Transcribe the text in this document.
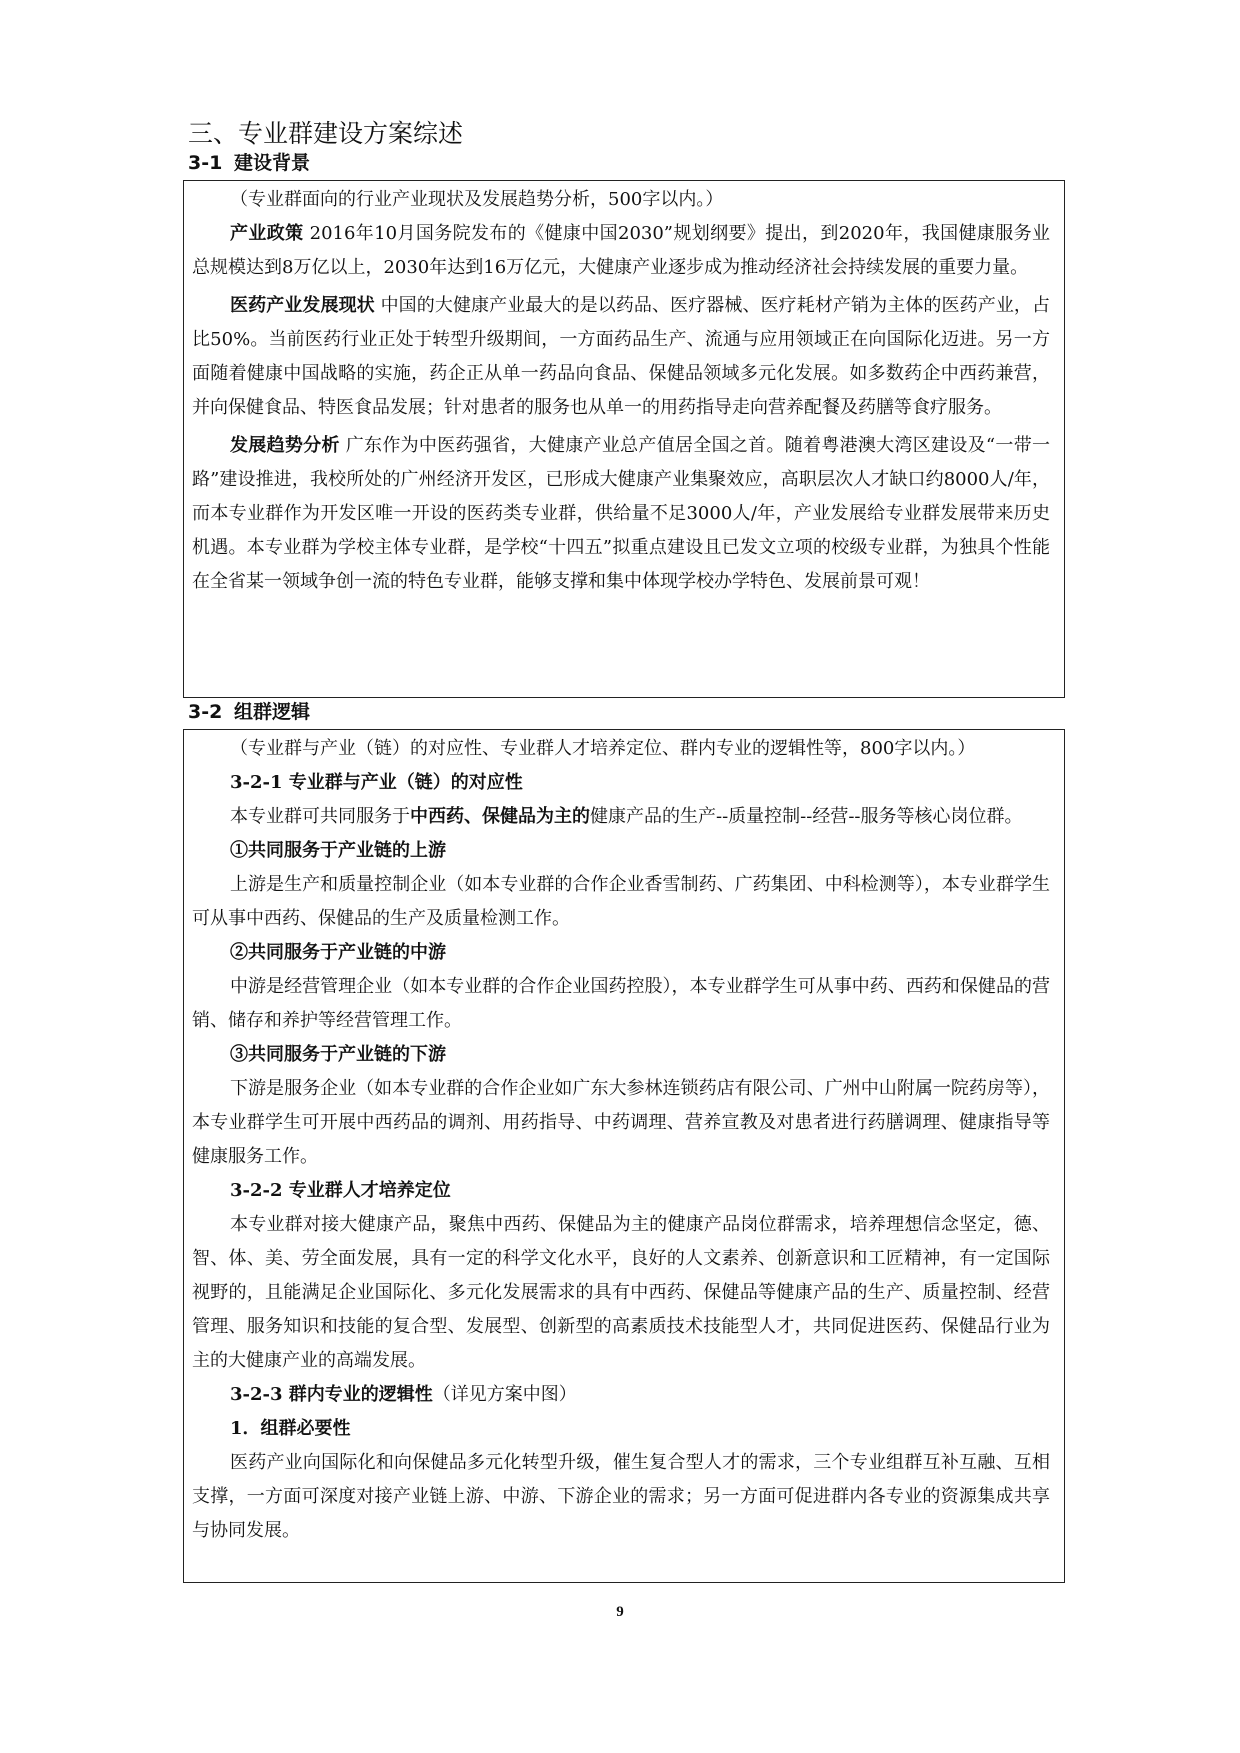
三、专业群建设方案综述
3-1 建设背景

（专业群面向的行业产业现状及发展趋势分析，500字以内。）

产业政策 2016年10月国务院发布的《健康中国2030”规划纲要》提出，到2020年，我国健康服务业总规模达到8万亿以上，2030年达到16万亿元，大健康产业逐步成为推动经济社会持续发展的重要力量。

医药产业发展现状 中国的大健康产业最大的是以药品、医疗器械、医疗耗材产销为主体的医药产业，占比50%。当前医药行业正处于转型升级期间，一方面药品生产、流通与应用领域正在向国际化迈进。另一方面随着健康中国战略的实施，药企正从单一药品向食品、保健品领域多元化发展。如多数药企中西药兼营，并向保健食品、特医食品发展；针对患者的服务也从单一的用药指导走向营养配餐及药膳等食疗服务。

发展趋势分析 广东作为中医药强省，大健康产业总产值居全国之首。随着粤港澳大湾区建设及“一带一路”建设推进，我校所处的广州经济开发区，已形成大健康产业集聚效应，高职层次人才缺口约8000人/年，而本专业群作为开发区唯一开设的医药类专业群，供给量不足3000人/年，产业发展给专业群发展带来历史机遇。本专业群为学校主体专业群，是学校“十四五”拟重点建设且已发文立项的校级专业群，为独具个性能在全省某一领域争创一流的特色专业群，能够支撑和集中体现学校办学特色、发展前景可观！

3-2 组群逻辑

（专业群与产业（链）的对应性、专业群人才培养定位、群内专业的逻辑性等，800字以内。）

3-2-1 专业群与产业（链）的对应性

本专业群可共同服务于中西药、保健品为主的健康产品的生产--质量控制--经营--服务等核心岗位群。

①共同服务于产业链的上游

上游是生产和质量控制企业（如本专业群的合作企业香雪制药、广药集团、中科检测等），本专业群学生可从事中西药、保健品的生产及质量检测工作。

②共同服务于产业链的中游

中游是经营管理企业（如本专业群的合作企业国药控股），本专业群学生可从事中药、西药和保健品的营销、储存和养护等经营管理工作。

③共同服务于产业链的下游

下游是服务企业（如本专业群的合作企业如广东大参林连锁药店有限公司、广州中山附属一院药房等），本专业群学生可开展中西药品的调剂、用药指导、中药调理、营养宣教及对患者进行药膳调理、健康指导等健康服务工作。

3-2-2 专业群人才培养定位

本专业群对接大健康产品，聚焦中西药、保健品为主的健康产品岗位群需求，培养理想信念坚定，德、智、体、美、劳全面发展，具有一定的科学文化水平，良好的人文素养、创新意识和工匠精神，有一定国际视野的，且能满足企业国际化、多元化发展需求的具有中西药、保健品等健康产品的生产、质量控制、经营管理、服务知识和技能的复合型、发展型、创新型的高素质技术技能型人才，共同促进医药、保健品行业为主的大健康产业的高端发展。

3-2-3 群内专业的逻辑性（详见方案中图）

1．组群必要性

医药产业向国际化和向保健品多元化转型升级，催生复合型人才的需求，三个专业组群互补互融、互相支撑，一方面可深度对接产业链上游、中游、下游企业的需求；另一方面可促进群内各专业的资源集成共享与协同发展。

9
